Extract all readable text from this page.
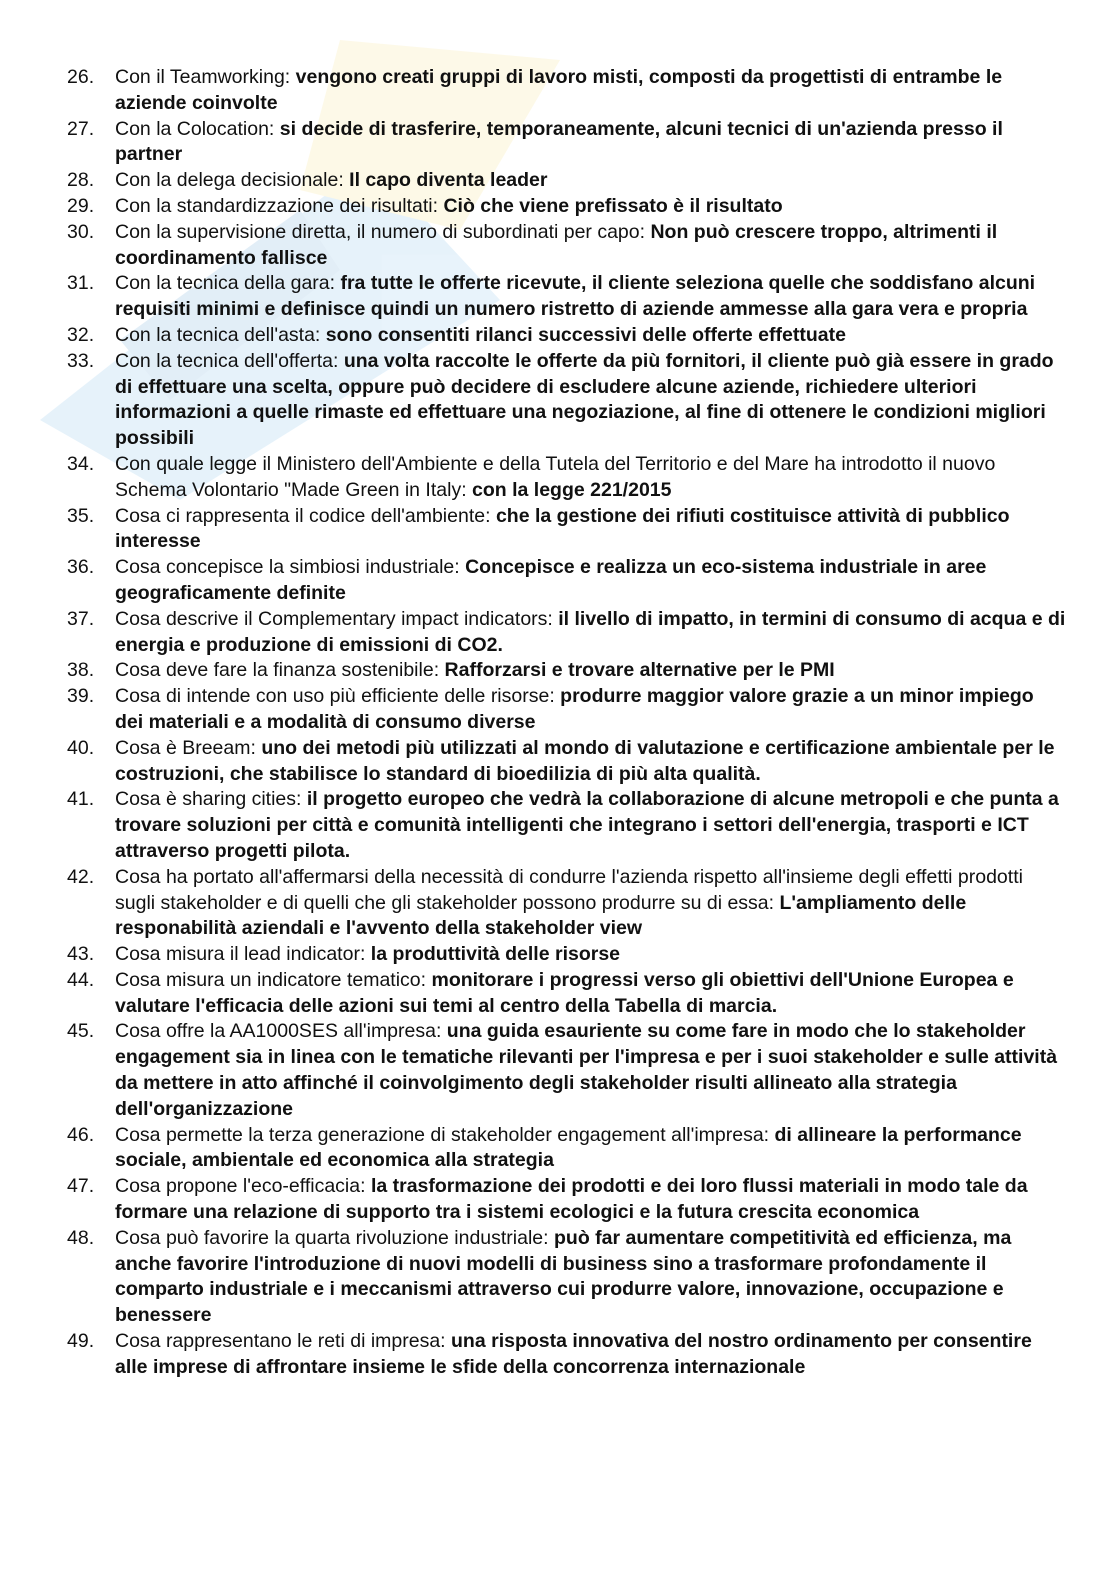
26.	Con il Teamworking: vengono creati gruppi di lavoro misti, composti da progettisti di entrambe le aziende coinvolte
27.	Con la Colocation: si decide di trasferire, temporaneamente, alcuni tecnici di un'azienda presso il partner
28.	Con la delega decisionale: Il capo diventa leader
29.	Con la standardizzazione dei risultati: Ciò che viene prefissato è il risultato
30.	Con la supervisione diretta, il numero di subordinati per capo: Non può crescere troppo, altrimenti il coordinamento fallisce
31.	Con la tecnica della gara: fra tutte le offerte ricevute, il cliente seleziona quelle che soddisfano alcuni requisiti minimi e definisce quindi un numero ristretto di aziende ammesse alla gara vera e propria
32.	Con la tecnica dell'asta: sono consentiti rilanci successivi delle offerte effettuate
33.	Con la tecnica dell'offerta: una volta raccolte le offerte da più fornitori, il cliente può già essere in grado di effettuare una scelta, oppure può decidere di escludere alcune aziende, richiedere ulteriori informazioni a quelle rimaste ed effettuare una negoziazione, al fine di ottenere le condizioni migliori possibili
34.	Con quale legge il Ministero dell'Ambiente e della Tutela del Territorio e del Mare ha introdotto il nuovo Schema Volontario "Made Green in Italy: con la legge 221/2015
35.	Cosa ci rappresenta il codice dell'ambiente: che la gestione dei rifiuti costituisce attività di pubblico interesse
36.	Cosa concepisce la simbiosi industriale: Concepisce e realizza un eco-sistema industriale in aree geograficamente definite
37.	Cosa descrive il Complementary impact indicators: il livello di impatto, in termini di consumo di acqua e di energia e produzione di emissioni di CO2.
38.	Cosa deve fare la finanza sostenibile: Rafforzarsi e trovare alternative per le PMI
39.	Cosa di intende con uso più efficiente delle risorse: produrre maggior valore grazie a un minor impiego dei materiali e a modalità di consumo diverse
40.	Cosa è Breeam: uno dei metodi più utilizzati al mondo di valutazione e certificazione ambientale per le costruzioni, che stabilisce lo standard di bioedilizia di più alta qualità.
41.	Cosa è sharing cities: il progetto europeo che vedrà la collaborazione di alcune metropoli e che punta a trovare soluzioni per città e comunità intelligenti che integrano i settori dell'energia, trasporti e ICT attraverso progetti pilota.
42.	Cosa ha portato all'affermarsi della necessità di condurre l'azienda rispetto all'insieme degli effetti prodotti sugli stakeholder e di quelli che gli stakeholder possono produrre su di essa: L'ampliamento delle responabilità aziendali e l'avvento della stakeholder view
43.	Cosa misura il lead indicator: la produttività delle risorse
44.	Cosa misura un indicatore tematico: monitorare i progressi verso gli obiettivi dell'Unione Europea e valutare l'efficacia delle azioni sui temi al centro della Tabella di marcia.
45.	Cosa offre la AA1000SES all'impresa: una guida esauriente su come fare in modo che lo stakeholder engagement sia in linea con le tematiche rilevanti per l'impresa e per i suoi stakeholder e sulle attività da mettere in atto affinché il coinvolgimento degli stakeholder risulti allineato alla strategia dell'organizzazione
46.	Cosa permette la terza generazione di stakeholder engagement all'impresa: di allineare la performance sociale, ambientale ed economica alla strategia
47.	Cosa propone l'eco-efficacia: la trasformazione dei prodotti e dei loro flussi materiali in modo tale da formare una relazione di supporto tra i sistemi ecologici e la futura crescita economica
48.	Cosa può favorire la quarta rivoluzione industriale: può far aumentare competitività ed efficienza, ma anche favorire l'introduzione di nuovi modelli di business sino a trasformare profondamente il comparto industriale e i meccanismi attraverso cui produrre valore, innovazione, occupazione e benessere
49.	Cosa rappresentano le reti di impresa: una risposta innovativa del nostro ordinamento per consentire alle imprese di affrontare insieme le sfide della concorrenza internazionale
